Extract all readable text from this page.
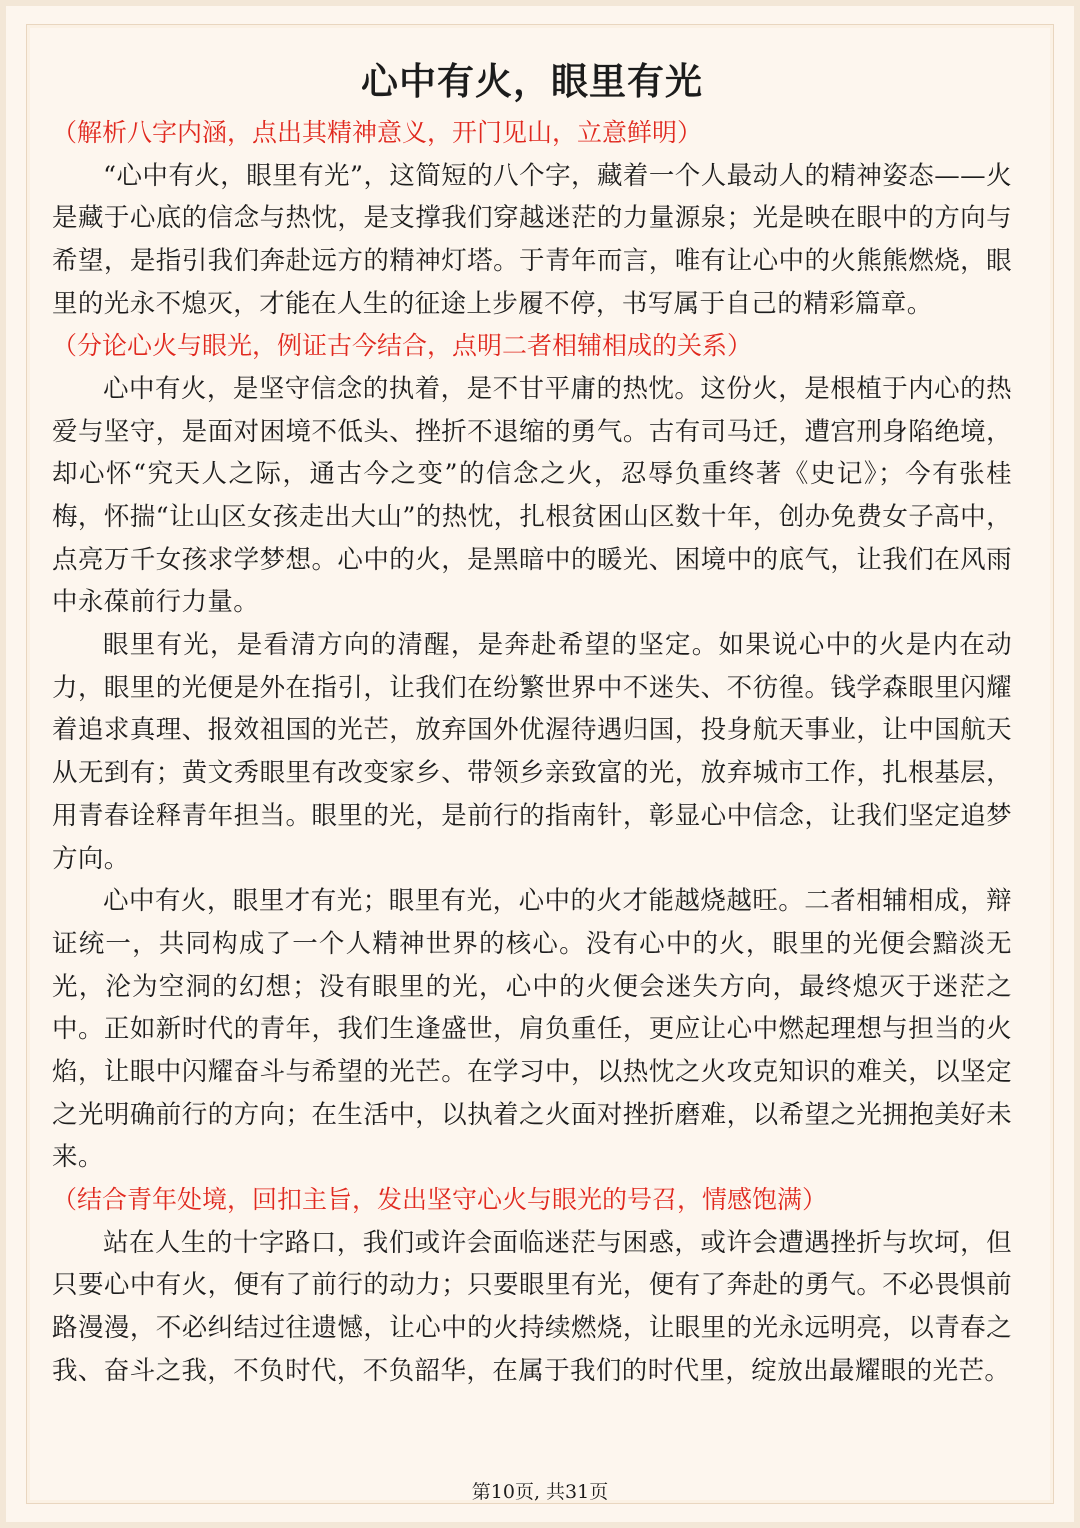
心中有火，眼里有光

（解析八字内涵，点出其精神意义，开门见山，立意鲜明）

“心中有火，眼里有光”，这简短的八个字，藏着一个人最动人的精神姿态——火是藏于心底的信念与热忱，是支撑我们穿越迷茫的力量源泉；光是映在眼中的方向与希望，是指引我们奔赴远方的精神灯塔。于青年而言，唯有让心中的火熊熊燃烧，眼里的光永不熄灭，才能在人生的征途上步履不停，书写属于自己的精彩篇章。

（分论心火与眼光，例证古今结合，点明二者相辅相成的关系）

心中有火，是坚守信念的执着，是不甘平庸的热忱。这份火，是根植于内心的热爱与坚守，是面对困境不低头、挫折不退缩的勇气。古有司马迁，遭宫刑身陷绝境，却心怀“究天人之际，通古今之变”的信念之火，忍辱负重终著《史记》；今有张桂梅，怀揣“让山区女孩走出大山”的热忱，扎根贫困山区数十年，创办免费女子高中，点亮万千女孩求学梦想。心中的火，是黑暗中的暖光、困境中的底气，让我们在风雨中永葆前行力量。

眼里有光，是看清方向的清醒，是奔赴希望的坚定。如果说心中的火是内在动力，眼里的光便是外在指引，让我们在纷繁世界中不迷失、不彷徨。钱学森眼里闪耀着追求真理、报效祖国的光芒，放弃国外优渥待遇归国，投身航天事业，让中国航天从无到有；黄文秀眼里有改变家乡、带领乡亲致富的光，放弃城市工作，扎根基层，用青春诠释青年担当。眼里的光，是前行的指南针，彰显心中信念，让我们坚定追梦方向。

心中有火，眼里才有光；眼里有光，心中的火才能越烧越旺。二者相辅相成，辩证统一，共同构成了一个人精神世界的核心。没有心中的火，眼里的光便会黯淡无光，沦为空洞的幻想；没有眼里的光，心中的火便会迷失方向，最终熄灭于迷茫之中。正如新时代的青年，我们生逢盛世，肩负重任，更应让心中燃起理想与担当的火焰，让眼中闪耀奋斗与希望的光芒。在学习中，以热忱之火攻克知识的难关，以坚定之光明确前行的方向；在生活中，以执着之火面对挫折磨难，以希望之光拥抱美好未来。

（结合青年处境，回扣主旨，发出坚守心火与眼光的号召，情感饱满）

站在人生的十字路口，我们或许会面临迷茫与困惑，或许会遭遇挫折与坎坷，但只要心中有火，便有了前行的动力；只要眼里有光，便有了奔赴的勇气。不必畏惧前路漫漫，不必纠结过往遗憾，让心中的火持续燃烧，让眼里的光永远明亮，以青春之我、奋斗之我，不负时代，不负韶华，在属于我们的时代里，绽放出最耀眼的光芒。

第10页, 共31页
